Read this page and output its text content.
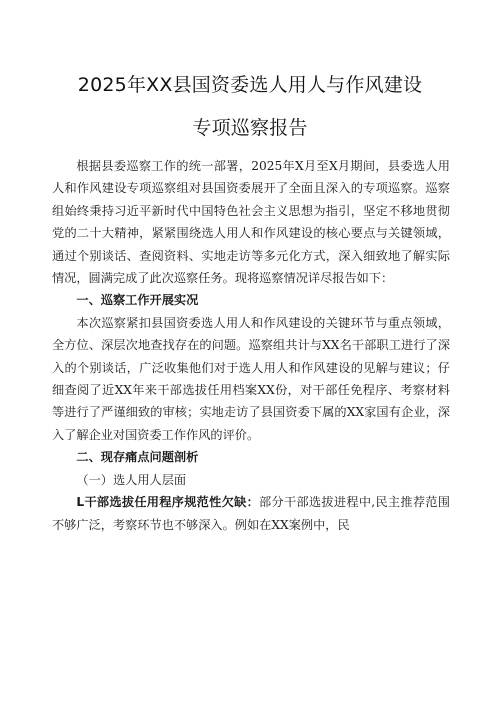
2025年XX县国资委选人用人与作风建设
专项巡察报告

根据县委巡察工作的统一部署，2025年X月至X月期间，县委选人用人和作风建设专项巡察组对县国资委展开了全面且深入的专项巡察。巡察组始终秉持习近平新时代中国特色社会主义思想为指引，坚定不移地贯彻党的二十大精神，紧紧围绕选人用人和作风建设的核心要点与关键领域，通过个别谈话、查阅资料、实地走访等多元化方式，深入细致地了解实际情况，圆满完成了此次巡察任务。现将巡察情况详尽报告如下：

一、巡察工作开展实况

本次巡察紧扣县国资委选人用人和作风建设的关键环节与重点领域，全方位、深层次地查找存在的问题。巡察组共计与XX名干部职工进行了深入的个别谈话，广泛收集他们对于选人用人和作风建设的见解与建议；仔细查阅了近XX年来干部选拔任用档案XX份，对干部任免程序、考察材料等进行了严谨细致的审核；实地走访了县国资委下属的XX家国有企业，深入了解企业对国资委工作作风的评价。

二、现存痛点问题剖析

（一）选人用人层面

L干部选拔任用程序规范性欠缺：部分干部选拔进程中,民主推荐范围不够广泛，考察环节也不够深入。例如在XX案例中，民
